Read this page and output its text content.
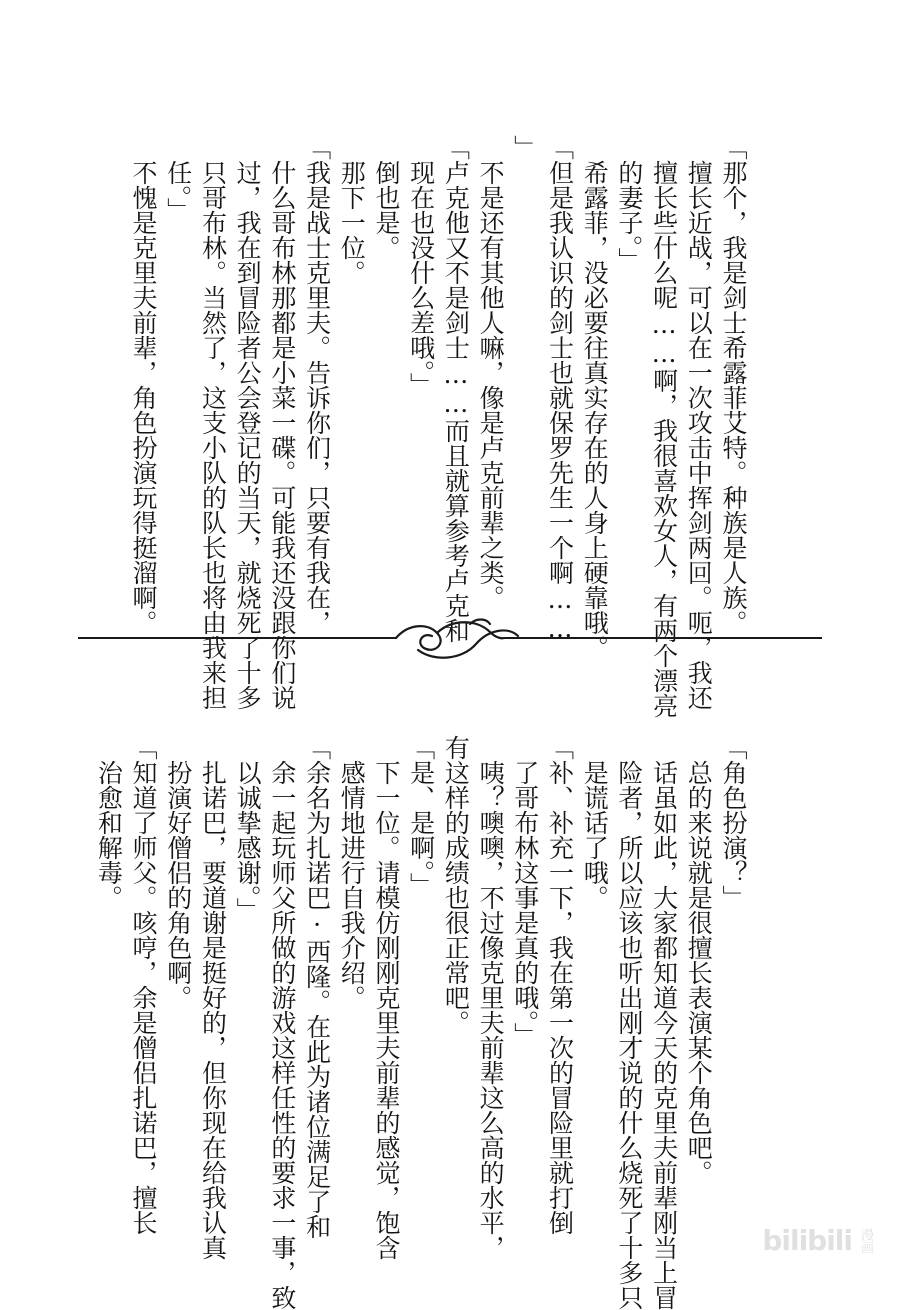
「那个，我是剑士希露菲艾特。种族是人族。
擅长近战，可以在一次攻击中挥剑两回。呃，我还
擅长些什么呢……啊，我很喜欢女人，有两个漂亮
的妻子。」
希露菲，没必要往真实存在的人身上硬靠哦。
「但是我认识的剑士也就保罗先生一个啊……
」
不是还有其他人嘛，像是卢克前辈之类。
「卢克他又不是剑士……而且就算参考卢克和
现在也没什么差哦。」
倒也是。
那下一位。
「我是战士克里夫。告诉你们，只要有我在，
什么哥布林那都是小菜一碟。可能我还没跟你们说
过，我在到冒险者公会登记的当天，就烧死了十多
只哥布林。当然了，这支小队的队长也将由我来担
任。」
不愧是克里夫前辈，角色扮演玩得挺溜啊。
「角色扮演？」
总的来说就是很擅长表演某个角色吧。
话虽如此，大家都知道今天的克里夫前辈刚当上冒
险者，所以应该也听出刚才说的什么烧死了十多只
是谎话了哦。
「补、补充一下，我在第一次的冒险里就打倒
了哥布林这事是真的哦。」
咦？噢噢，不过像克里夫前辈这么高的水平，
有这样的成绩也很正常吧。
「是、是啊。」
下一位。请模仿刚刚克里夫前辈的感觉，饱含
感情地进行自我介绍。
「余名为扎诺巴·西隆。在此为诸位满足了和
余一起玩师父所做的游戏这样任性的要求一事，致
以诚挚感谢。」
扎诺巴，要道谢是挺好的，但你现在给我认真
扮演好僧侣的角色啊。
「知道了师父。咳哼，余是僧侣扎诺巴，擅长
治愈和解毒。
bilibili 漫画
